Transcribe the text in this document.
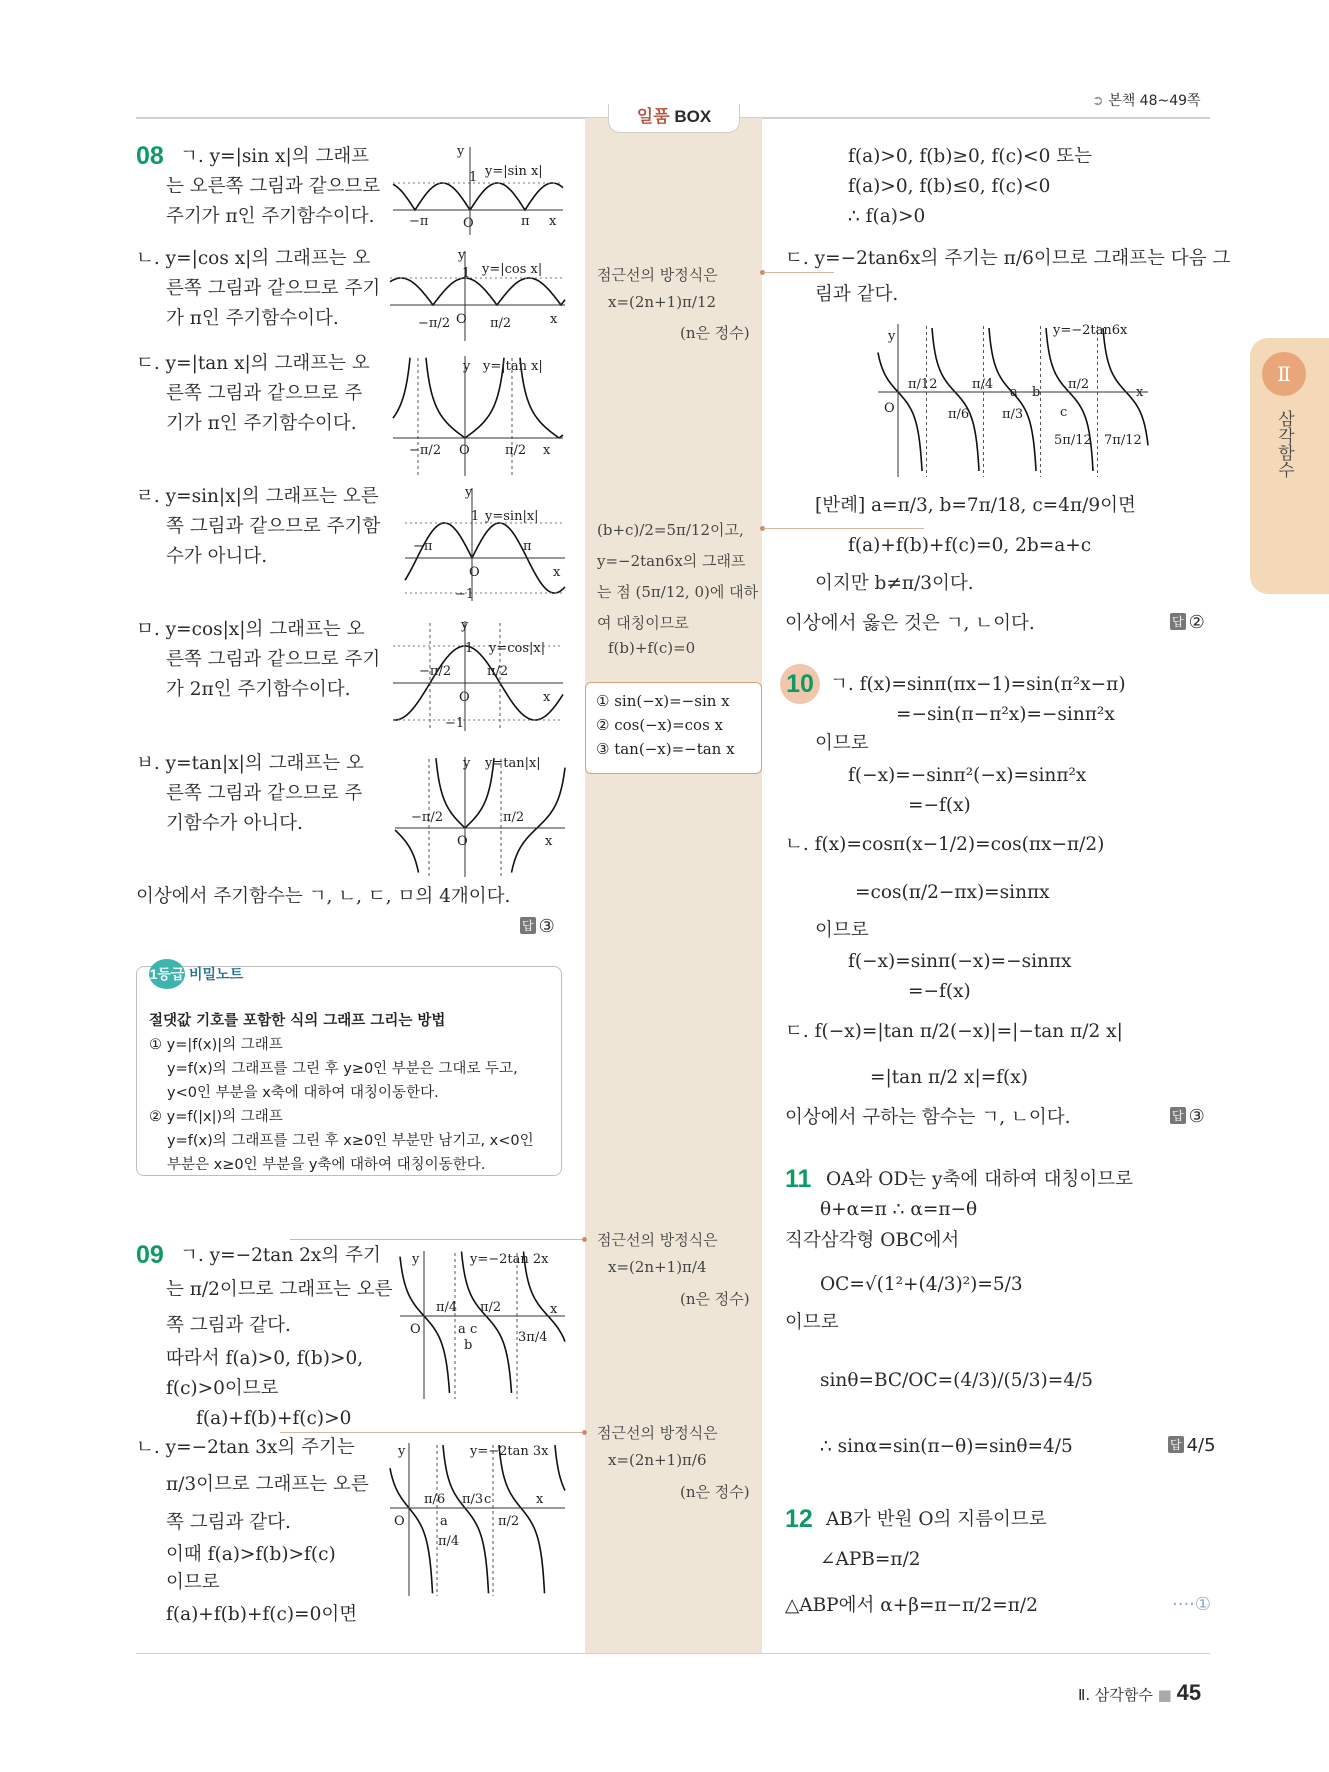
➲ 본책 48~49쪽
일품 BOX
Ⅱ
삼각함수
08 ㄱ. y=|sin x|의 그래프
는 오른쪽 그림과 같으므로
주기가 π인 주기함수이다.
ㄴ. y=|cos x|의 그래프는 오
른쪽 그림과 같으므로 주기
가 π인 주기함수이다.
ㄷ. y=|tan x|의 그래프는 오
른쪽 그림과 같으므로 주
기가 π인 주기함수이다.
ㄹ. y=sin|x|의 그래프는 오른
쪽 그림과 같으므로 주기함
수가 아니다.
ㅁ. y=cos|x|의 그래프는 오
른쪽 그림과 같으므로 주기
가 2π인 주기함수이다.
ㅂ. y=tan|x|의 그래프는 오
른쪽 그림과 같으므로 주
기함수가 아니다.
이상에서 주기함수는 ㄱ, ㄴ, ㄷ, ㅁ의 4개이다.
답 ③
y
1 y=|sin x|
−π	O	π x
y
1 y=|cos x|
−π/2 O π/2	x
y y=|tan x|
−π/2 O	π/2 x
y
1 y=sin|x|
−π
O
π
x
−1
y
1 y=cos|x|
−π/2	π/2
O	x
−1
y y=tan|x|
−π/2	π/2
O	x
1등급 비밀노트
절댓값 기호를 포함한 식의 그래프 그리는 방법
① y=|f(x)|의 그래프
y=f(x)의 그래프를 그린 후 y≥0인 부분은 그대로 두고,
y<0인 부분을 x축에 대하여 대칭이동한다.
② y=f(|x|)의 그래프
y=f(x)의 그래프를 그린 후 x≥0인 부분만 남기고, x<0인
부분은 x≥0인 부분을 y축에 대하여 대칭이동한다.
09 ㄱ. y=−2tan 2x의 주기
는 π/2이므로 그래프는 오른
쪽 그림과 같다.
따라서 f(a)>0, f(b)>0,
f(c)>0이므로
f(a)+f(b)+f(c)>0
ㄴ. y=−2tan 3x의 주기는
π/3이므로 그래프는 오른
쪽 그림과 같다.
이때 f(a)>f(b)>f(c)
이므로
f(a)+f(b)+f(c)=0이면
y	y=−2tan 2x
π/4 π/2
O	a c
b
3π/4
x
y	y=−2tan 3x
π/6 π/3 c
O	a
π/4
π/2
x
점근선의 방정식은
x=(2n+1)π/12
(n은 정수)
(b+c)/2=5π/12이고,
y=−2tan6x의 그래프
는 점 (5π/12, 0)에 대하
여 대칭이므로
f(b)+f(c)=0
① sin(−x)=−sin x
② cos(−x)=cos x
③ tan(−x)=−tan x
점근선의 방정식은
x=(2n+1)π/4
(n은 정수)
점근선의 방정식은
x=(2n+1)π/6
(n은 정수)
f(a)>0, f(b)≥0, f(c)<0 또는
f(a)>0, f(b)≤0, f(c)<0
∴ f(a)>0
ㄷ. y=−2tan6x의 주기는 π/6이므로 그래프는 다음 그
림과 같다.
y	y=−2tan6x
π/12
π/6
π/4
π/3
a b
c
π/2
5π/12 7π/12
O
x
[반례] a=π/3, b=7π/18, c=4π/9이면
f(a)+f(b)+f(c)=0, 2b=a+c
이지만 b≠π/3이다.
이상에서 옳은 것은 ㄱ, ㄴ이다.	답 ②
10 ㄱ. f(x)=sinπ(πx−1)=sin(π²x−π)
=−sin(π−π²x)=−sinπ²x
이므로
f(−x)=−sinπ²(−x)=sinπ²x
=−f(x)
ㄴ. f(x)=cosπ(x−1/2)=cos(πx−π/2)
=cos(π/2−πx)=sinπx
이므로
f(−x)=sinπ(−x)=−sinπx
=−f(x)
ㄷ. f(−x)=|tan π/2(−x)|=|−tan π/2 x|
=|tan π/2 x|=f(x)
이상에서 구하는 함수는 ㄱ, ㄴ이다.	답 ③
11 OA와 OD는 y축에 대하여 대칭이므로
θ+α=π ∴ α=π−θ
직각삼각형 OBC에서
OC=√(1²+(4/3)²)=5/3
이므로
sinθ=BC/OC=(4/3)/(5/3)=4/5
∴ sinα=sin(π−θ)=sinθ=4/5	답 4/5
12 AB가 반원 O의 지름이므로
∠APB=π/2
△ABP에서 α+β=π−π/2=π/2	····①
Ⅱ. 삼각함수 ■ 45
